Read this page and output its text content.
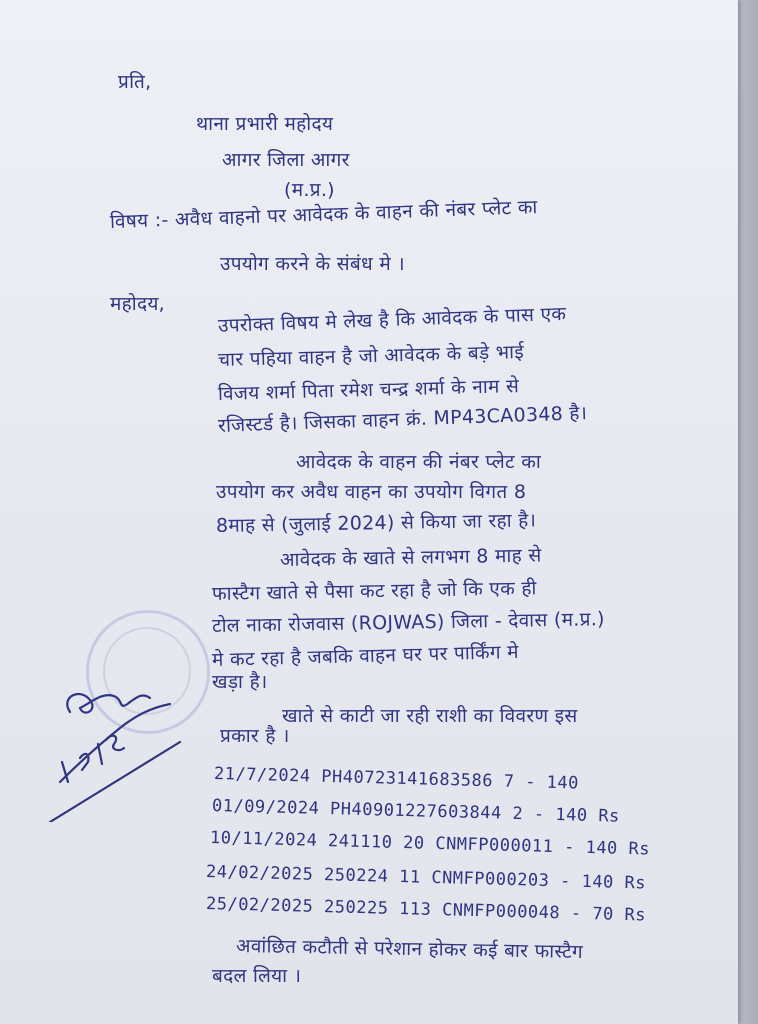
प्रति,
थाना प्रभारी महोदय
आगर जिला आगर
(म.प्र.)
विषय :- अवैध वाहनो पर आवेदक के वाहन की नंबर प्लेट का
उपयोग करने के संबंध मे ।
महोदय,	उपरोक्त विषय मे लेख है कि आवेदक के पास एक
चार पहिया वाहन है जो आवेदक के बड़े भाई
विजय शर्मा पिता रमेश चन्द्र शर्मा के नाम से
रजिस्टर्ड है। जिसका वाहन क्रं. MP43CA0348 है।
आवेदक के वाहन की नंबर प्लेट का
उपयोग कर अवैध वाहन का उपयोग विगत 8
8माह से (जुलाई 2024) से किया जा रहा है।
आवेदक के खाते से लगभग 8 माह से
फास्टैग खाते से पैसा कट रहा है जो कि एक ही
टोल नाका रोजवास (ROJWAS) जिला - देवास (म.प्र.)
मे कट रहा है जबकि वाहन घर पर पार्किंग मे
खड़ा है।
खाते से काटी जा रही राशी का विवरण इस
प्रकार है ।
21/7/2024 PH40723141683586 7 - 140
01/09/2024 PH40901227603844 2 - 140 Rs
10/11/2024 241110 20 CNMFP000011 - 140 Rs
24/02/2025 250224 11 CNMFP000203 - 140 Rs
25/02/2025 250225 113 CNMFP000048 - 70 Rs
अवांछित कटौती से परेशान होकर कई बार फास्टैग
बदल लिया ।
